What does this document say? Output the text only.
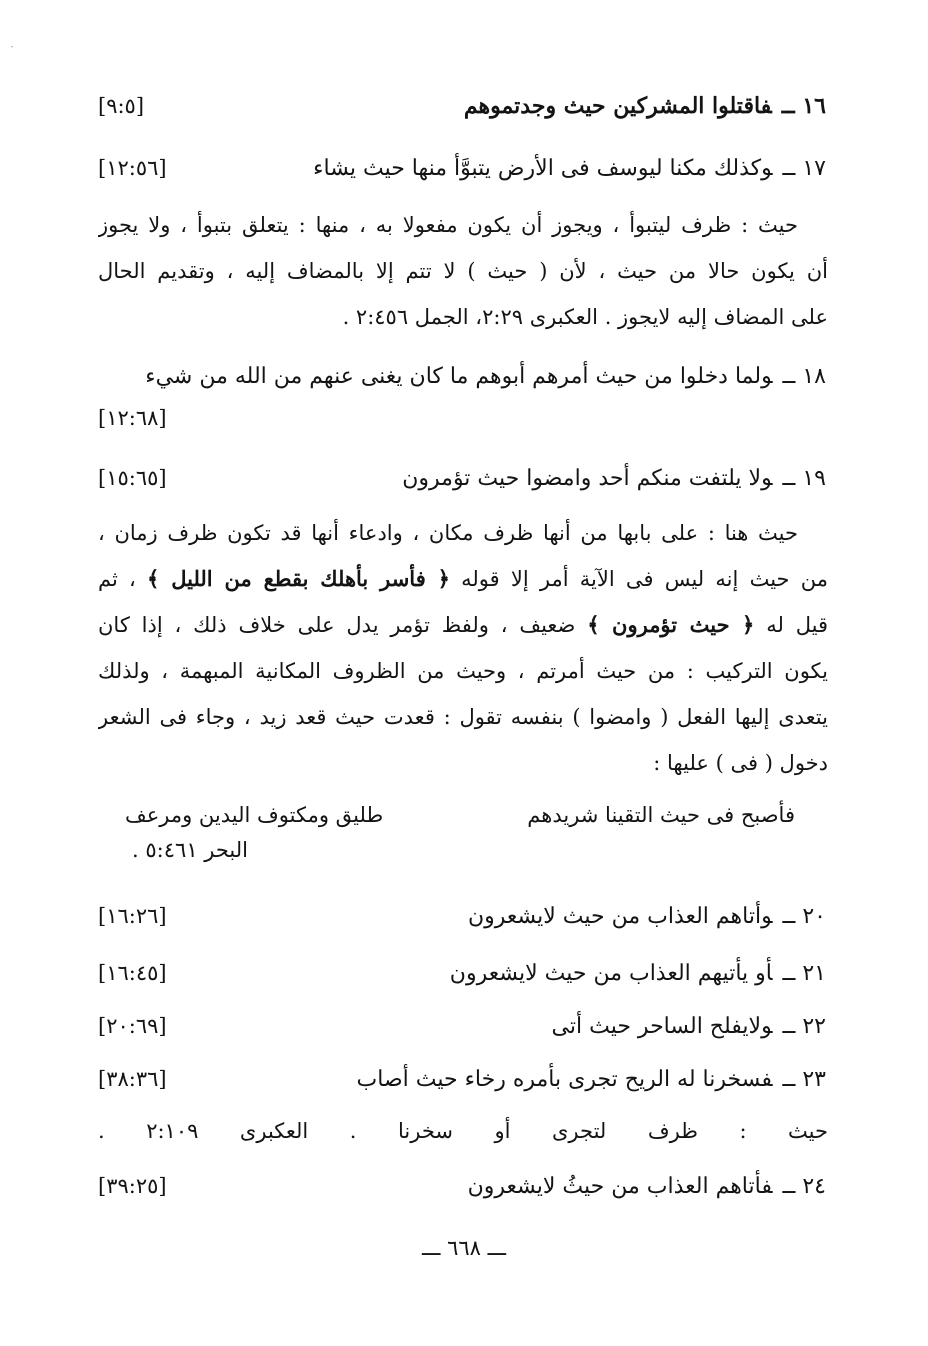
·
١٦ ــفاقتلوا المشركين حيث وجدتموهم
[٩:٥]
١٧ ــوكذلك مكنا ليوسف فى الأرض يتبوَّأ منها حيث يشاء
[١٢:٥٦]
حيث : ظرف ليتبوأ ، ويجوز أن يكون مفعولا به ، منها : يتعلق بتبوأ ، ولا يجوز
أن يكون حالا من حيث ، لأن ( حيث ) لا تتم إلا بالمضاف إليه ، وتقديم الحال
على المضاف إليه لايجوز . العكبرى ٢:٢٩، الجمل ٢:٤٥٦ .
١٨ ــولما دخلوا من حيث أمرهم أبوهم ما كان يغنى عنهم من الله من شيء
[١٢:٦٨]
١٩ ــولا يلتفت منكم أحد وامضوا حيث تؤمرون
[١٥:٦٥]
حيث هنا : على بابها من أنها ظرف مكان ، وادعاء أنها قد تكون ظرف زمان ،
من حيث إنه ليس فى الآية أمر إلا قوله ﴿ فأسر بأهلك بقطع من الليل ﴾ ، ثم
قيل له ﴿ حيث تؤمرون ﴾ ضعيف ، ولفظ تؤمر يدل على خلاف ذلك ، إذا كان
يكون التركيب : من حيث أمرتم ، وحيث من الظروف المكانية المبهمة ، ولذلك
يتعدى إليها الفعل ( وامضوا ) بنفسه تقول : قعدت حيث قعد زيد ، وجاء فى الشعر
دخول ( فى ) عليها :
فأصبح فى حيث التقينا شريدهم
طليق ومكتوف اليدين ومرعف
البحر ٥:٤٦١ .
٢٠ ــوأتاهم العذاب من حيث لايشعرون
[١٦:٢٦]
٢١ ــأو يأتيهم العذاب من حيث لايشعرون
[١٦:٤٥]
٢٢ ــولايفلح الساحر حيث أتى
[٢٠:٦٩]
٢٣ ــفسخرنا له الريح تجرى بأمره رخاء حيث أصاب
[٣٨:٣٦]
حيث : ظرف لتجرى أو سخرنا . العكبرى ٢:١٠٩ .
٢٤ ــفأتاهم العذاب من حيثُ لايشعرون
[٣٩:٢٥]
ـــ ٦٦٨ ـــ
